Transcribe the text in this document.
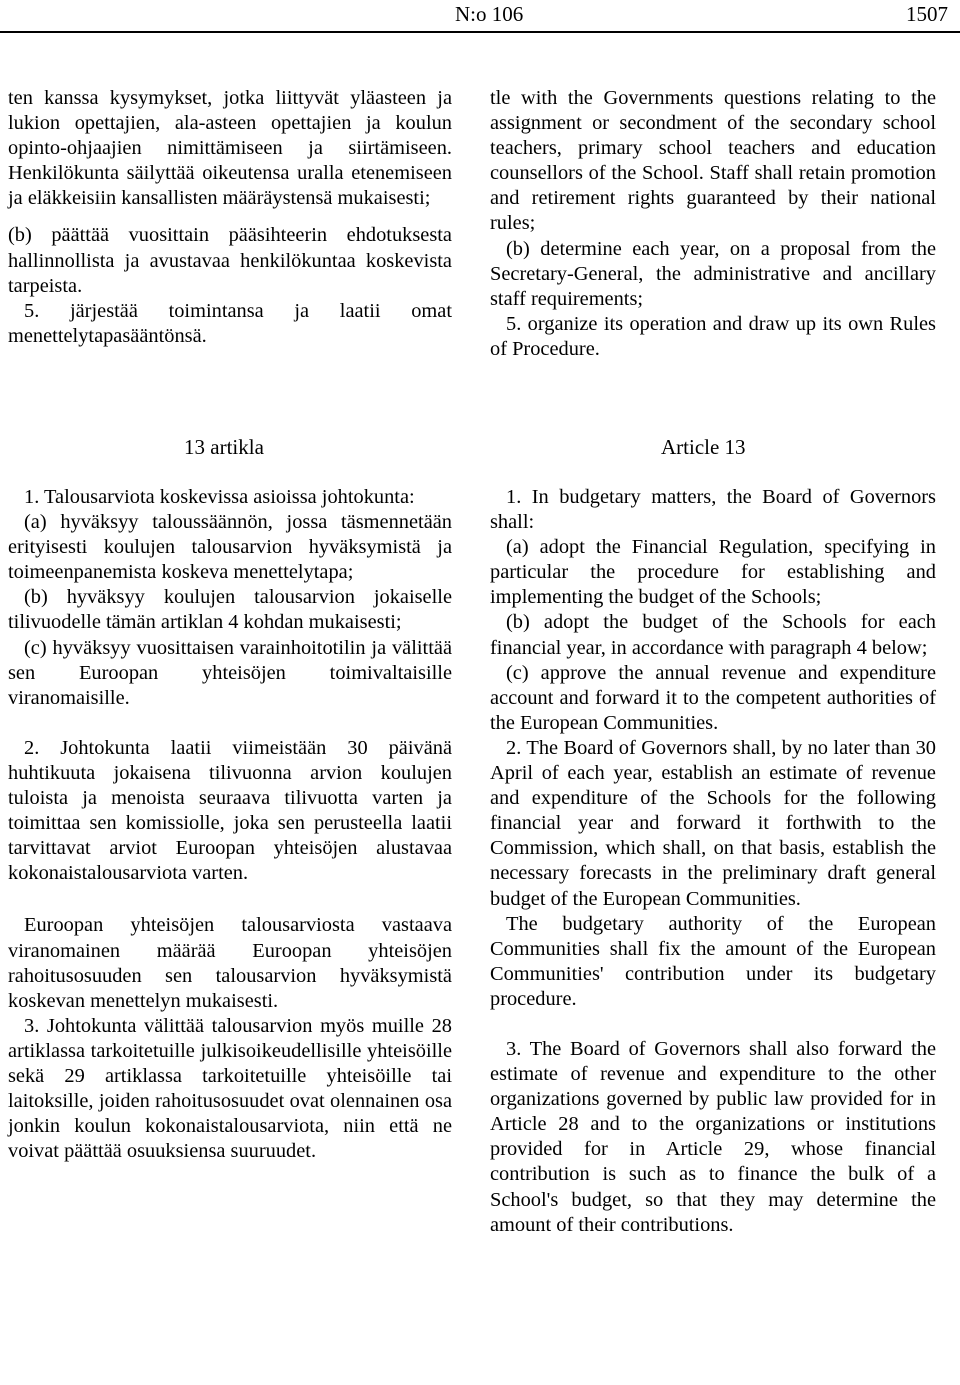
N:o 106	1507

ten kanssa kysymykset, jotka liittyvät yläasteen ja lukion opettajien, ala-asteen opettajien ja koulun opinto-ohjaajien nimittämiseen ja siirtämiseen. Henkilökunta säilyttää oikeutensa uralla etenemiseen ja eläkkeisiin kansallisten määräystensä mukaisesti;

(b) päättää vuosittain pääsihteerin ehdotuksesta hallinnollista ja avustavaa henkilökuntaa koskevista tarpeista.

5. järjestää toimintansa ja laatii omat menettelytapasääntönsä.

tle with the Governments questions relating to the assignment or secondment of the secondary school teachers, primary school teachers and education counsellors of the School. Staff shall retain promotion and retirement rights guaranteed by their national rules;

(b) determine each year, on a proposal from the Secretary-General, the administrative and ancillary staff requirements;

5. organize its operation and draw up its own Rules of Procedure.

13 artikla	Article 13

1. Talousarviota koskevissa asioissa johtokunta:

(a) hyväksyy taloussäännön, jossa täsmennetään erityisesti koulujen talousarvion hyväksymistä ja toimeenpanemista koskeva menettelytapa;

(b) hyväksyy koulujen talousarvion jokaiselle tilivuodelle tämän artiklan 4 kohdan mukaisesti;

(c) hyväksyy vuosittaisen varainhoitotilin ja välittää sen Euroopan yhteisöjen toimivaltaisille viranomaisille.

2. Johtokunta laatii viimeistään 30 päivänä huhtikuuta jokaisena tilivuonna arvion koulujen tuloista ja menoista seuraava tilivuotta varten ja toimittaa sen komissiolle, joka sen perusteella laatii tarvittavat arviot Euroopan yhteisöjen alustavaa kokonaistalousarviota varten.

Euroopan yhteisöjen talousarviosta vastaava viranomainen määrää Euroopan yhteisöjen rahoitusosuuden sen talousarvion hyväksymistä koskevan menettelyn mukaisesti.

3. Johtokunta välittää talousarvion myös muille 28 artiklassa tarkoitetuille julkisoikeudellisille yhteisöille sekä 29 artiklassa tarkoitetuille yhteisöille tai laitoksille, joiden rahoitusosuudet ovat olennainen osa jonkin koulun kokonaistalousarviota, niin että ne voivat päättää osuuksiensa suuruudet.

1. In budgetary matters, the Board of Governors shall:

(a) adopt the Financial Regulation, specifying in particular the procedure for establishing and implementing the budget of the Schools;

(b) adopt the budget of the Schools for each financial year, in accordance with paragraph 4 below;

(c) approve the annual revenue and expenditure account and forward it to the competent authorities of the European Communities.

2. The Board of Governors shall, by no later than 30 April of each year, establish an estimate of revenue and expenditure of the Schools for the following financial year and forward it forthwith to the Commission, which shall, on that basis, establish the necessary forecasts in the preliminary draft general budget of the European Communities.

The budgetary authority of the European Communities shall fix the amount of the European Communities' contribution under its budgetary procedure.

3. The Board of Governors shall also forward the estimate of revenue and expenditure to the other organizations governed by public law provided for in Article 28 and to the organizations or institutions provided for in Article 29, whose financial contribution is such as to finance the bulk of a School's budget, so that they may determine the amount of their contributions.
